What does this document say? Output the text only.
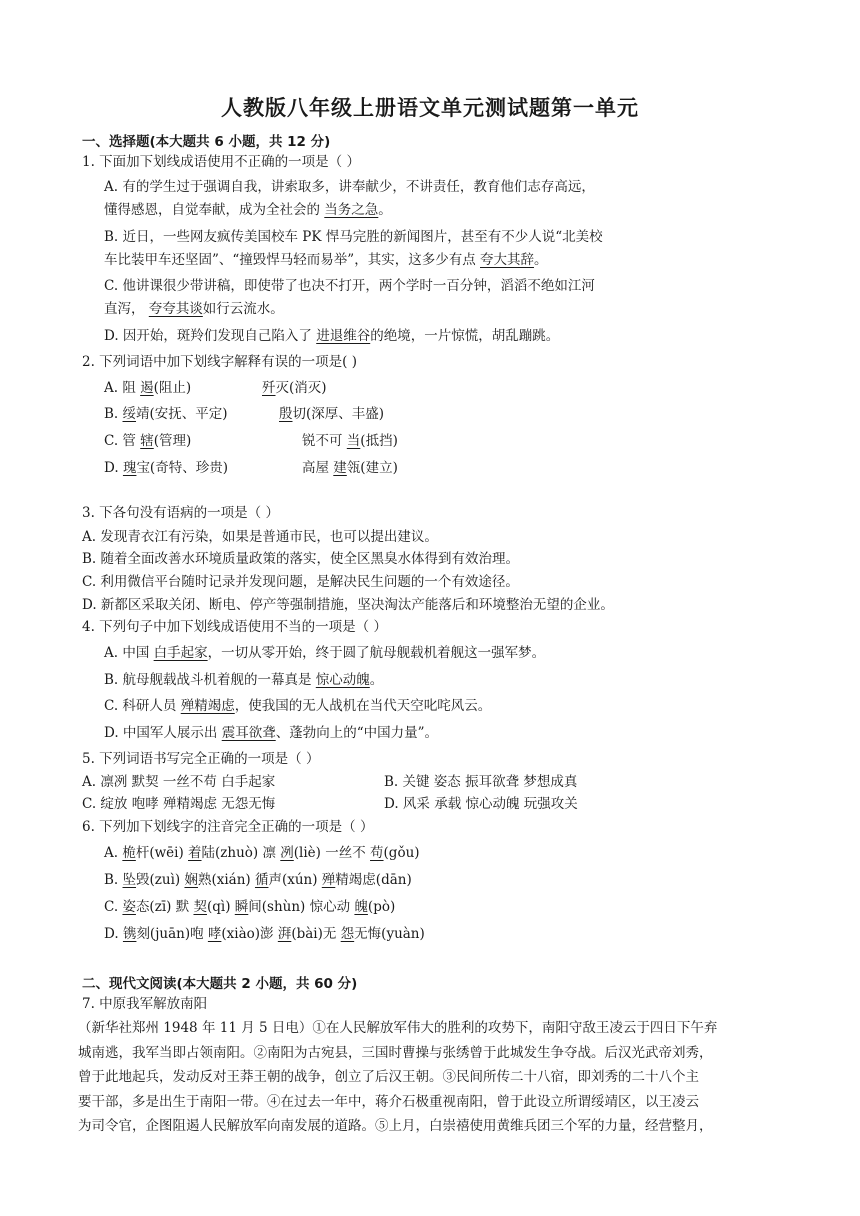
人教版八年级上册语文单元测试题第一单元
一、选择题(本大题共 6 小题，共 12 分)
1. 下面加下划线成语使用不正确的一项是（ ）
A. 有的学生过于强调自我，讲索取多，讲奉献少，不讲责任，教育他们志存高远，
懂得感恩，自觉奉献，成为全社会的 当务之急。
B. 近日，一些网友疯传美国校车 PK 悍马完胜的新闻图片，甚至有不少人说“北美校
车比装甲车还坚固”、“撞毁悍马轻而易举”，其实，这多少有点 夸大其辞。
C. 他讲课很少带讲稿，即使带了也决不打开，两个学时一百分钟，滔滔不绝如江河
直泻， 夸夸其谈如行云流水。
D. 因开始，斑羚们发现自己陷入了 进退维谷的绝境，一片惊慌，胡乱蹦跳。
2. 下列词语中加下划线字解释有误的一项是( )
A. 阻 遏(阻止)	歼灭(消灭)
B. 绥靖(安抚、平定)	殷切(深厚、丰盛)
C. 管 辖(管理)	锐不可 当(抵挡)
D. 瑰宝(奇特、珍贵)	高屋 建瓴(建立)
3. 下各句没有语病的一项是（ ）
A. 发现青衣江有污染，如果是普通市民，也可以提出建议。
B. 随着全面改善水环境质量政策的落实，使全区黑臭水体得到有效治理。
C. 利用微信平台随时记录并发现问题，是解决民生问题的一个有效途径。
D. 新都区采取关闭、断电、停产等强制措施，坚决淘汰产能落后和环境整治无望的企业。
4. 下列句子中加下划线成语使用不当的一项是（ ）
A. 中国 白手起家，一切从零开始，终于圆了航母舰载机着舰这一强军梦。
B. 航母舰载战斗机着舰的一幕真是 惊心动魄。
C. 科研人员 殚精竭虑，使我国的无人战机在当代天空叱咤风云。
D. 中国军人展示出 震耳欲聋、蓬勃向上的“中国力量”。
5. 下列词语书写完全正确的一项是（ ）
A. 凛冽 默契 一丝不苟 白手起家	B. 关键 姿态 振耳欲聋 梦想成真
C. 绽放 咆哮 殚精竭虑 无怨无悔	D. 风采 承载 惊心动魄 玩强攻关
6. 下列加下划线字的注音完全正确的一项是（ ）
A. 桅杆(wēi) 着陆(zhuò) 凛 冽(liè) 一丝不 苟(gǒu)
B. 坠毁(zuì) 娴熟(xián) 循声(xún) 殚精竭虑(dān)
C. 姿态(zī) 默 契(qì) 瞬间(shùn) 惊心动 魄(pò)
D. 镌刻(juān)咆 哮(xiào)澎 湃(bài)无 怨无悔(yuàn)
二、现代文阅读(本大题共 2 小题，共 60 分)
7. 中原我军解放南阳
（新华社郑州 1948 年 11 月 5 日电）①在人民解放军伟大的胜利的攻势下，南阳守敌王凌云于四日下午弃
城南逃，我军当即占领南阳。②南阳为古宛县，三国时曹操与张绣曾于此城发生争夺战。后汉光武帝刘秀，
曾于此地起兵，发动反对王莽王朝的战争，创立了后汉王朝。③民间所传二十八宿，即刘秀的二十八个主
要干部，多是出生于南阳一带。④在过去一年中，蒋介石极重视南阳，曾于此设立所谓绥靖区，以王凌云
为司令官，企图阻遏人民解放军向南发展的道路。⑤上月，白崇禧使用黄维兵团三个军的力量，经营整月，
